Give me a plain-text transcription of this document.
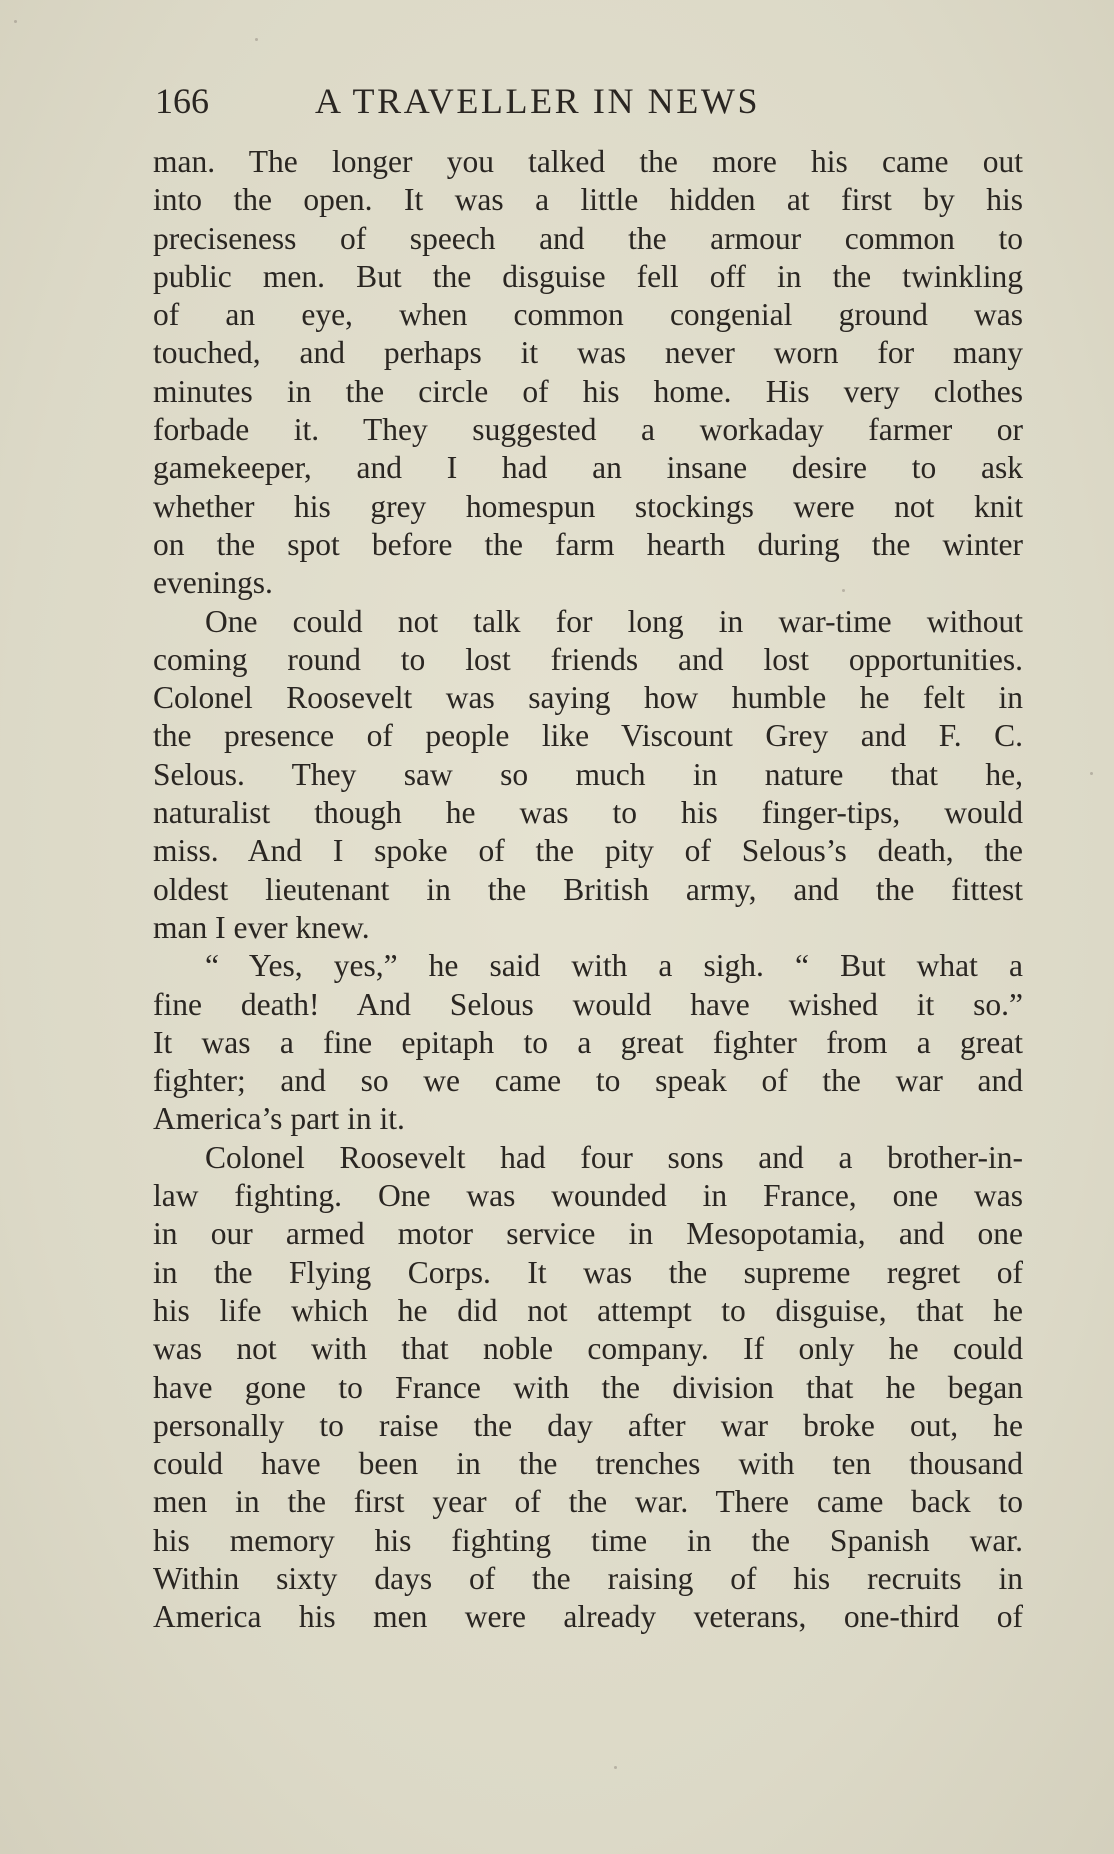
166	A TRAVELLER IN NEWS
man. The longer you talked the more his came out
into the open. It was a little hidden at first by his
preciseness of speech and the armour common to
public men. But the disguise fell off in the twinkling
of an eye, when common congenial ground was
touched, and perhaps it was never worn for many
minutes in the circle of his home. His very clothes
forbade it. They suggested a workaday farmer or
gamekeeper, and I had an insane desire to ask
whether his grey homespun stockings were not knit
on the spot before the farm hearth during the winter
evenings.
One could not talk for long in war-time without
coming round to lost friends and lost opportunities.
Colonel Roosevelt was saying how humble he felt in
the presence of people like Viscount Grey and F. C.
Selous. They saw so much in nature that he,
naturalist though he was to his finger-tips, would
miss. And I spoke of the pity of Selous’s death, the
oldest lieutenant in the British army, and the fittest
man I ever knew.
“ Yes, yes,” he said with a sigh. “ But what a
fine death! And Selous would have wished it so.”
It was a fine epitaph to a great fighter from a great
fighter; and so we came to speak of the war and
America’s part in it.
Colonel Roosevelt had four sons and a brother-in-
law fighting. One was wounded in France, one was
in our armed motor service in Mesopotamia, and one
in the Flying Corps. It was the supreme regret of
his life which he did not attempt to disguise, that he
was not with that noble company. If only he could
have gone to France with the division that he began
personally to raise the day after war broke out, he
could have been in the trenches with ten thousand
men in the first year of the war. There came back to
his memory his fighting time in the Spanish war.
Within sixty days of the raising of his recruits in
America his men were already veterans, one-third of
